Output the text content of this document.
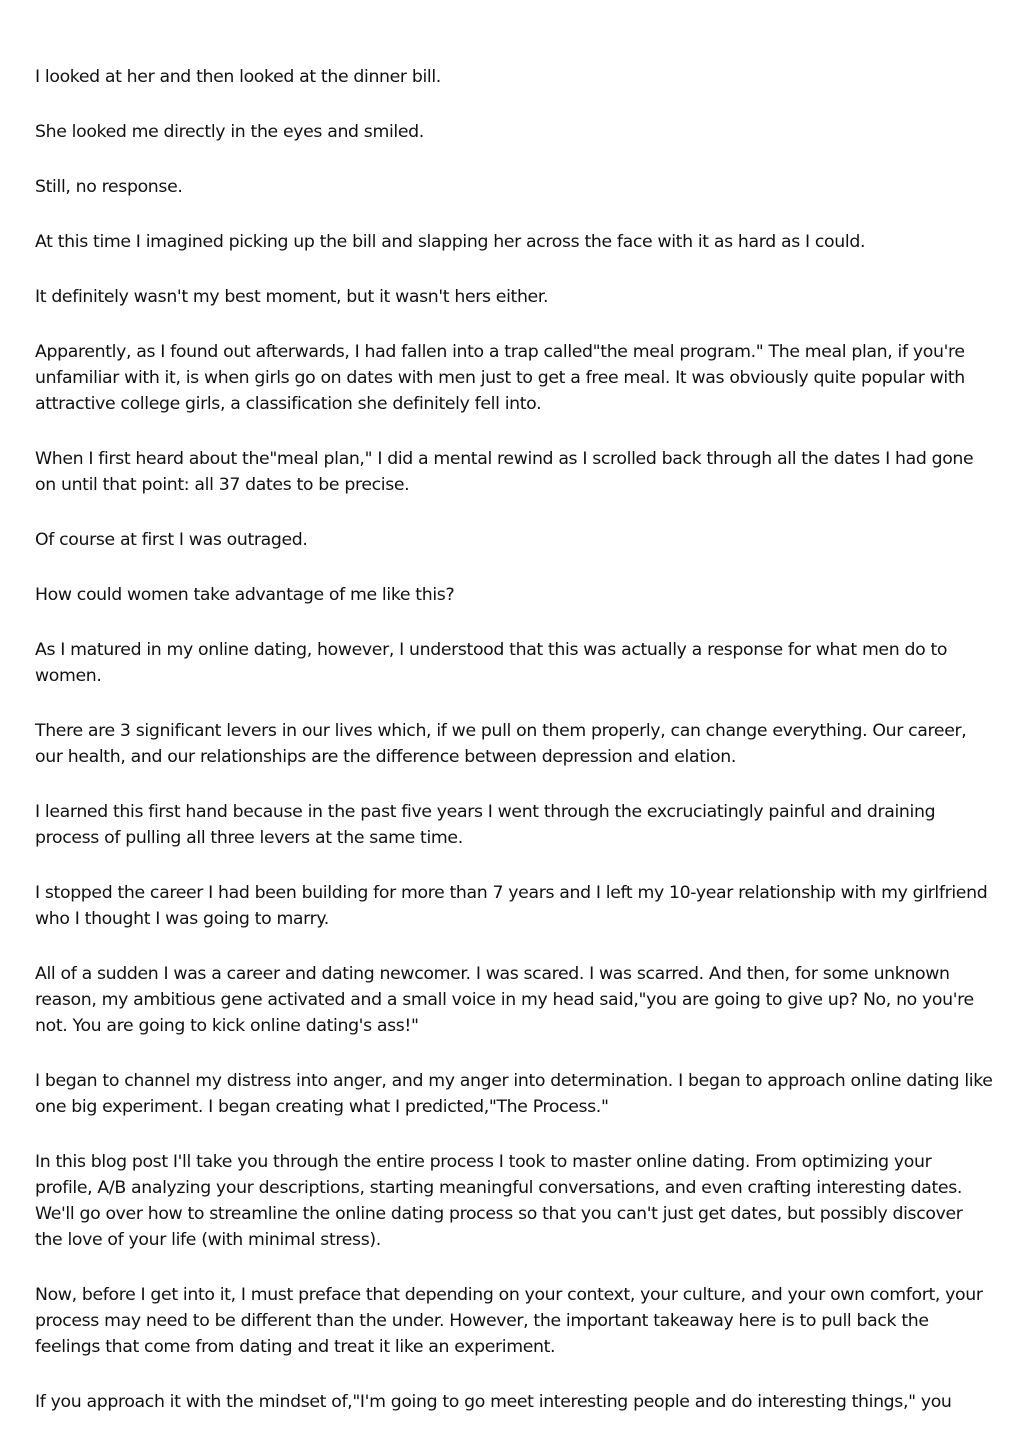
I looked at her and then looked at the dinner bill.

She looked me directly in the eyes and smiled.

Still, no response.

At this time I imagined picking up the bill and slapping her across the face with it as hard as I could.

It definitely wasn't my best moment, but it wasn't hers either.

Apparently, as I found out afterwards, I had fallen into a trap called"the meal program." The meal plan, if you're unfamiliar with it, is when girls go on dates with men just to get a free meal. It was obviously quite popular with attractive college girls, a classification she definitely fell into.

When I first heard about the"meal plan," I did a mental rewind as I scrolled back through all the dates I had gone on until that point: all 37 dates to be precise.

Of course at first I was outraged.

How could women take advantage of me like this?

As I matured in my online dating, however, I understood that this was actually a response for what men do to women.

There are 3 significant levers in our lives which, if we pull on them properly, can change everything. Our career, our health, and our relationships are the difference between depression and elation.

I learned this first hand because in the past five years I went through the excruciatingly painful and draining process of pulling all three levers at the same time.

I stopped the career I had been building for more than 7 years and I left my 10-year relationship with my girlfriend who I thought I was going to marry.

All of a sudden I was a career and dating newcomer. I was scared. I was scarred. And then, for some unknown reason, my ambitious gene activated and a small voice in my head said,"you are going to give up? No, no you're not. You are going to kick online dating's ass!"

I began to channel my distress into anger, and my anger into determination. I began to approach online dating like one big experiment. I began creating what I predicted,"The Process."

In this blog post I'll take you through the entire process I took to master online dating. From optimizing your profile, A/B analyzing your descriptions, starting meaningful conversations, and even crafting interesting dates. We'll go over how to streamline the online dating process so that you can't just get dates, but possibly discover the love of your life (with minimal stress).

Now, before I get into it, I must preface that depending on your context, your culture, and your own comfort, your process may need to be different than the under. However, the important takeaway here is to pull back the feelings that come from dating and treat it like an experiment.

If you approach it with the mindset of,"I'm going to go meet interesting people and do interesting things," you
